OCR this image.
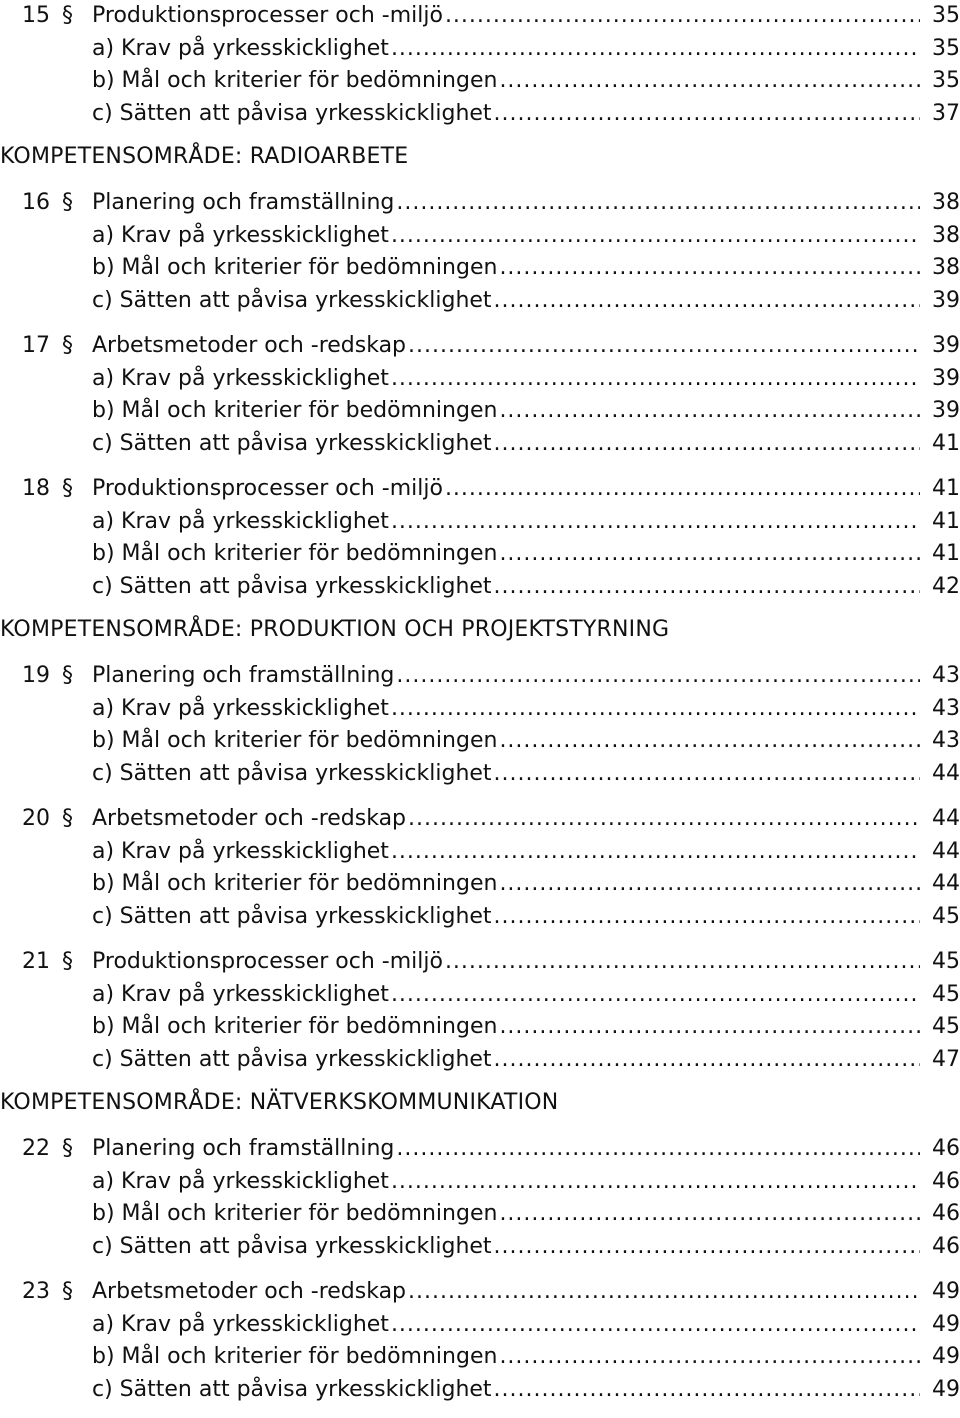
15 § Produktionsprocesser och -miljö .....	35
a) Krav på yrkesskicklighet .....	35
b) Mål och kriterier för bedömningen .....	35
c) Sätten att påvisa yrkesskicklighet .....	37
KOMPETENSOMRÅDE: RADIOARBETE
16 § Planering och framställning .....	38
a) Krav på yrkesskicklighet .....	38
b) Mål och kriterier för bedömningen .....	38
c) Sätten att påvisa yrkesskicklighet .....	39
17 § Arbetsmetoder och -redskap .....	39
a) Krav på yrkesskicklighet .....	39
b) Mål och kriterier för bedömningen .....	39
c) Sätten att påvisa yrkesskicklighet .....	41
18 § Produktionsprocesser och -miljö .....	41
a) Krav på yrkesskicklighet .....	41
b) Mål och kriterier för bedömningen .....	41
c) Sätten att påvisa yrkesskicklighet .....	42
KOMPETENSOMRÅDE: PRODUKTION OCH PROJEKTSTYRNING
19 § Planering och framställning .....	43
a) Krav på yrkesskicklighet .....	43
b) Mål och kriterier för bedömningen .....	43
c) Sätten att påvisa yrkesskicklighet .....	44
20 § Arbetsmetoder och -redskap .....	44
a) Krav på yrkesskicklighet .....	44
b) Mål och kriterier för bedömningen .....	44
c) Sätten att påvisa yrkesskicklighet .....	45
21 § Produktionsprocesser och -miljö .....	45
a) Krav på yrkesskicklighet .....	45
b) Mål och kriterier för bedömningen .....	45
c) Sätten att påvisa yrkesskicklighet .....	47
KOMPETENSOMRÅDE: NÄTVERKSKOMMUNIKATION
22 § Planering och framställning .....	46
a) Krav på yrkesskicklighet .....	46
b) Mål och kriterier för bedömningen .....	46
c) Sätten att påvisa yrkesskicklighet .....	46
23 § Arbetsmetoder och -redskap .....	49
a) Krav på yrkesskicklighet .....	49
b) Mål och kriterier för bedömningen .....	49
c) Sätten att påvisa yrkesskicklighet .....	49
